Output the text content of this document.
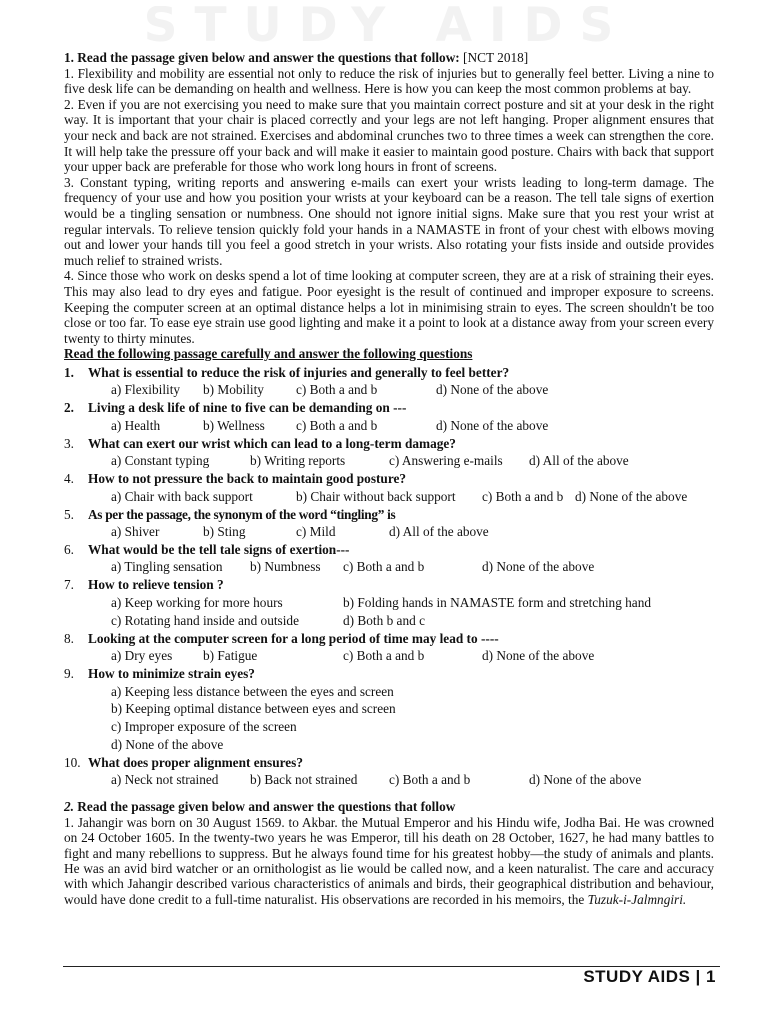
STUDY AIDS

1. Read the passage given below and answer the questions that follow: [NCT 2018]

1. Flexibility and mobility are essential not only to reduce the risk of injuries but to generally feel better. Living a nine to five desk life can be demanding on health and wellness. Here is how you can keep the most common problems at bay.

2. Even if you are not exercising you need to make sure that you maintain correct posture and sit at your desk in the right way. It is important that your chair is placed correctly and your legs are not left hanging. Proper alignment ensures that your neck and back are not strained. Exercises and abdominal crunches two to three times a week can strengthen the core. It will help take the pressure off your back and will make it easier to maintain good posture. Chairs with back that support your upper back are preferable for those who work long hours in front of screens.

3. Constant typing, writing reports and answering e-mails can exert your wrists leading to long-term damage. The frequency of your use and how you position your wrists at your keyboard can be a reason. The tell tale signs of exertion would be a tingling sensation or numbness. One should not ignore initial signs. Make sure that you rest your wrist at regular intervals. To relieve tension quickly fold your hands in a NAMASTE in front of your chest with elbows moving out and lower your hands till you feel a good stretch in your wrists. Also rotating your fists inside and outside provides much relief to strained wrists.

4. Since those who work on desks spend a lot of time looking at computer screen, they are at a risk of straining their eyes. This may also lead to dry eyes and fatigue. Poor eyesight is the result of continued and improper exposure to screens. Keeping the computer screen at an optimal distance helps a lot in minimising strain to eyes. The screen shouldn't be too close or too far. To ease eye strain use good lighting and make it a point to look at a distance away from your screen every twenty to thirty minutes.

Read the following passage carefully and answer the following questions

1.	What is essential to reduce the risk of injuries and generally to feel better?
a) Flexibility b) Mobility c) Both a and b	d) None of the above
2.	Living a desk life of nine to five can be demanding on ---
a) Health	b) Wellness c) Both a and b	d) None of the above
3.	What can exert our wrist which can lead to a long-term damage?
a) Constant typing	b) Writing reports	c) Answering e-mails d) All of the above
4.	How to not pressure the back to maintain good posture?
a) Chair with back support	b) Chair without back support c) Both a and b d) None of the above
5.	As per the passage, the synonym of the word “tingling” is
a) Shiver	b) Sting	c) Mild	d) All of the above
6.	What would be the tell tale signs of exertion---
a) Tingling sensation b) Numbness c) Both a and b	d) None of the above
7.	How to relieve tension ?
a) Keep working for more hours	b) Folding hands in NAMASTE form and stretching hand
c) Rotating hand inside and outside	d) Both b and c
8.	Looking at the computer screen for a long period of time may lead to ----
a) Dry eyes b) Fatigue	c) Both a and b	d) None of the above
9.	How to minimize strain eyes?
a) Keeping less distance between the eyes and screen
b) Keeping optimal distance between eyes and screen
c) Improper exposure of the screen
d) None of the above
10. What does proper alignment ensures?
a) Neck not strained b) Back not strained c) Both a and b	d) None of the above

2. Read the passage given below and answer the questions that follow

1. Jahangir was born on 30 August 1569. to Akbar. the Mutual Emperor and his Hindu wife, Jodha Bai. He was crowned on 24 October 1605. In the twenty-two years he was Emperor, till his death on 28 October, 1627, he had many battles to fight and many rebellions to suppress. But he always found time for his greatest hobby—the study of animals and plants. He was an avid bird watcher or an ornithologist as lie would be called now, and a keen naturalist. The care and accuracy with which Jahangir described various characteristics of animals and birds, their geographical distribution and behaviour, would have done credit to a full-time naturalist. His observations are recorded in his memoirs, the Tuzuk-i-Jalmngiri.

STUDY AIDS | 1
